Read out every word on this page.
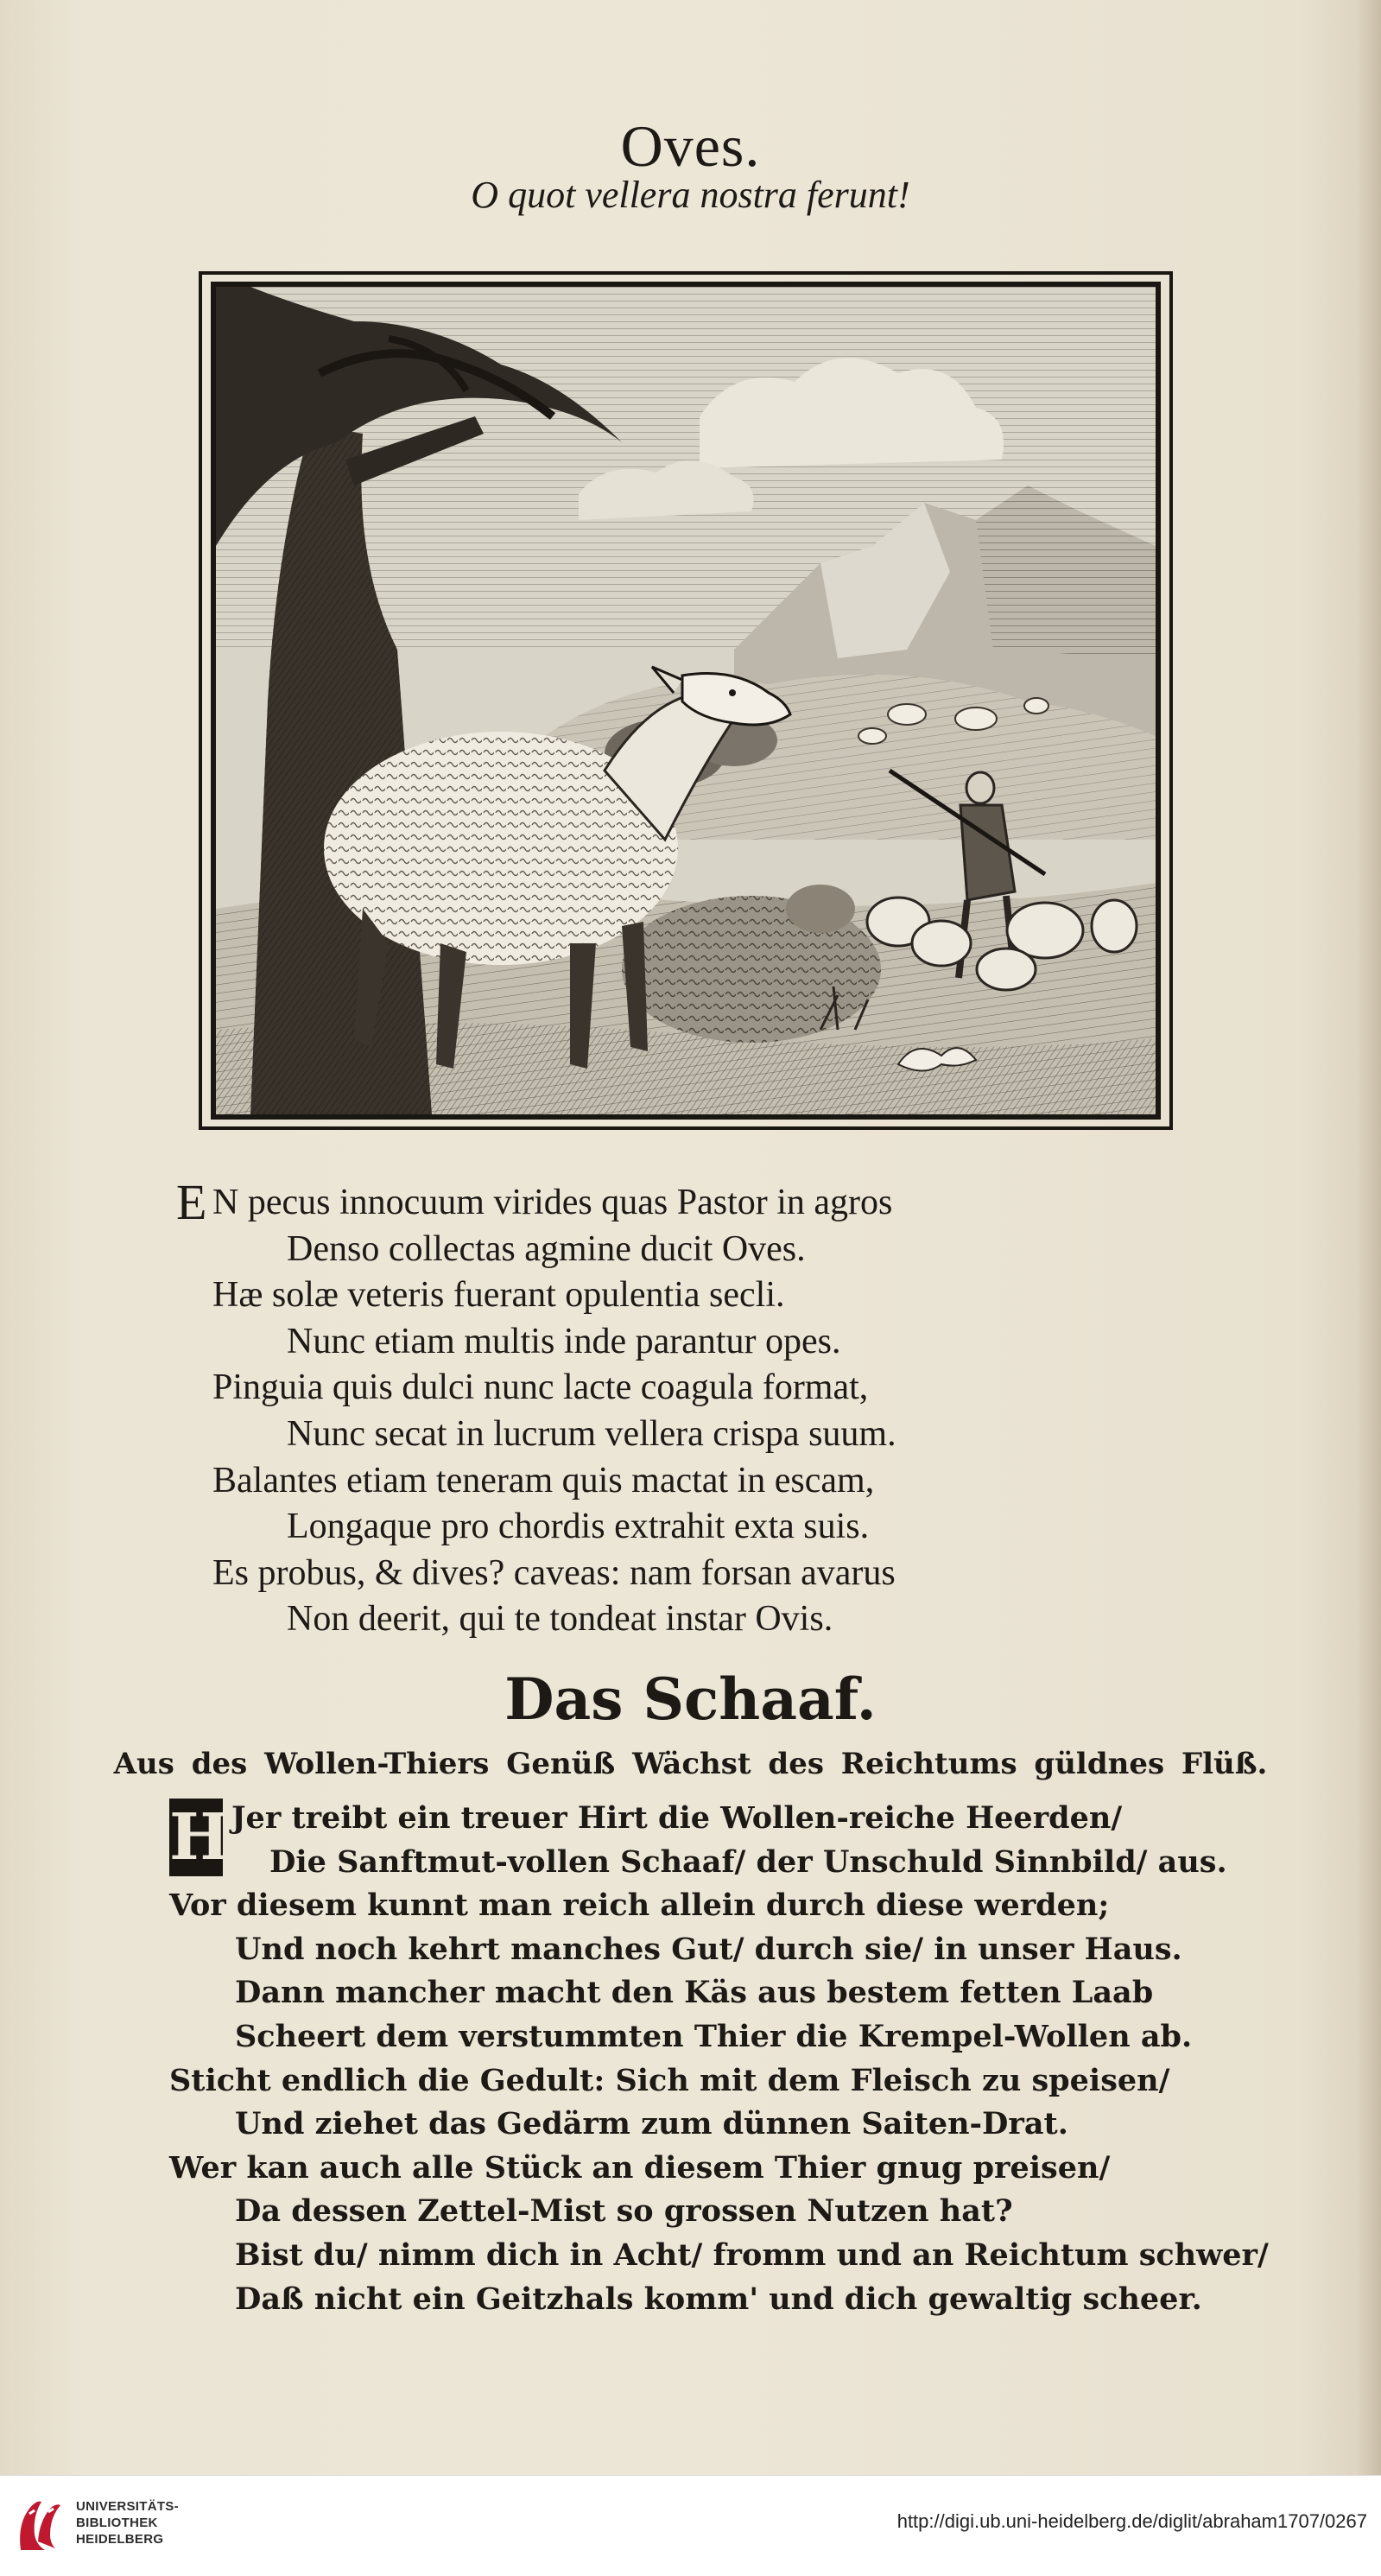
Oves.
O quot vellera nostra ferunt!
E N pecus innocuum virides quas Pastor in agros
Denso collectas agmine ducit Oves.
Hæ solæ veteris fuerant opulentia secli.
Nunc etiam multis inde parantur opes.
Pinguia quis dulci nunc lacte coagula format,
Nunc secat in lucrum vellera crispa suum.
Balantes etiam teneram quis mactat in escam,
Longaque pro chordis extrahit exta suis.
Es probus, & dives? caveas: nam forsan avarus
Non deerit, qui te tondeat instar Ovis.
Das Schaaf.
Aus des Wollen-Thiers Genüß Wächst des Reichtums güldnes Flüß.
H Jer treibt ein treuer Hirt die Wollen-reiche Heerden/
Die Sanftmut-vollen Schaaf/ der Unschuld Sinnbild/ aus.
Vor diesem kunnt man reich allein durch diese werden;
Und noch kehrt manches Gut/ durch sie/ in unser Haus.
Dann mancher macht den Käs aus bestem fetten Laab
Scheert dem verstummten Thier die Krempel-Wollen ab.
Sticht endlich die Gedult: Sich mit dem Fleisch zu speisen/
Und ziehet das Gedärm zum dünnen Saiten-Drat.
Wer kan auch alle Stück an diesem Thier gnug preisen/
Da dessen Zettel-Mist so grossen Nutzen hat?
Bist du/ nimm dich in Acht/ fromm und an Reichtum schwer/
Daß nicht ein Geitzhals komm' und dich gewaltig scheer.
UNIVERSITÄTS-
BIBLIOTHEK
HEIDELBERG
http://digi.ub.uni-heidelberg.de/diglit/abraham1707/0267
